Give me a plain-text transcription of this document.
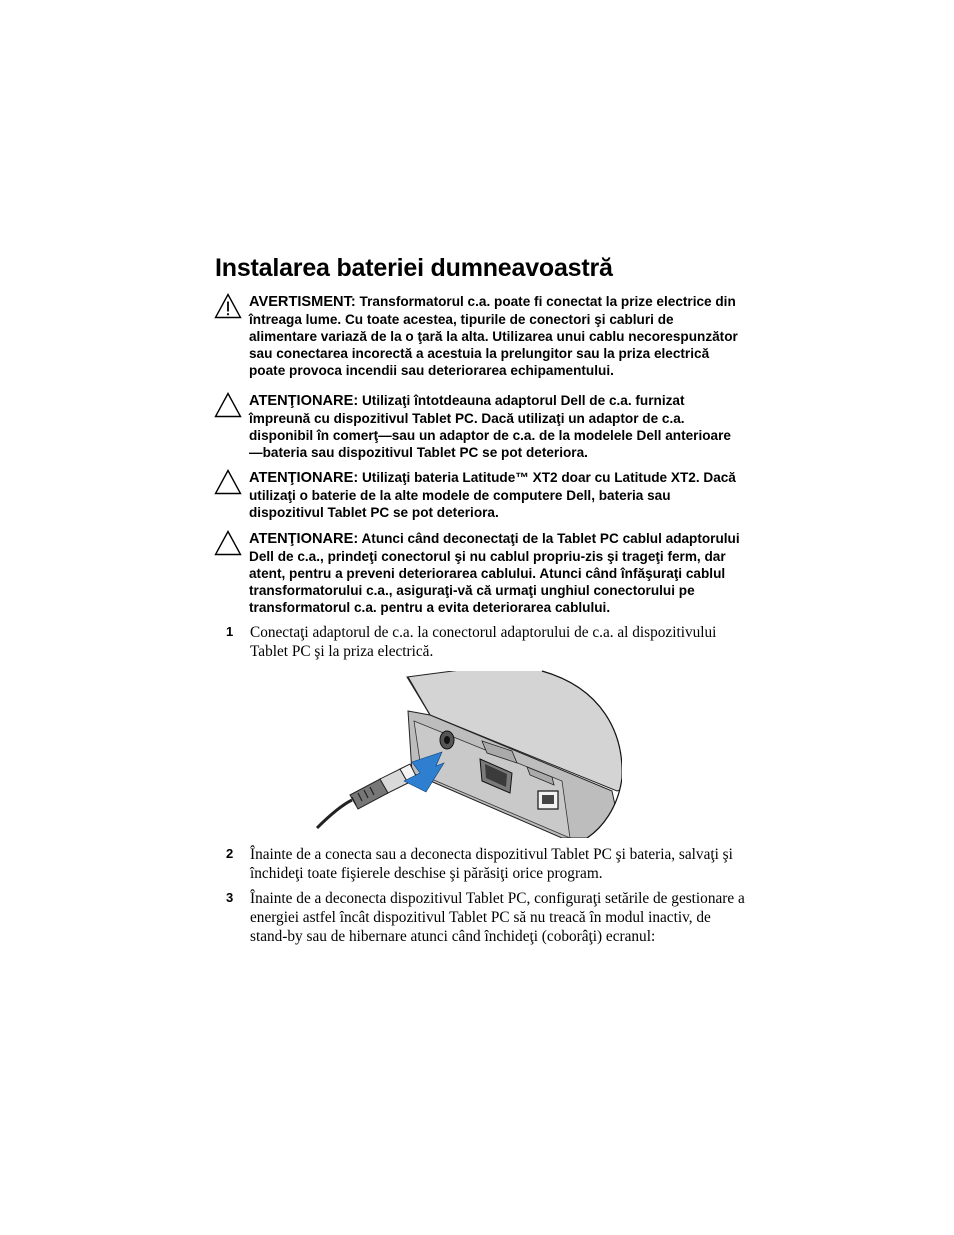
Instalarea bateriei dumneavoastră

AVERTISMENT: Transformatorul c.a. poate fi conectat la prize electrice din întreaga lume. Cu toate acestea, tipurile de conectori şi cabluri de alimentare variază de la o ţară la alta. Utilizarea unui cablu necorespunzător sau conectarea incorectă a acestuia la prelungitor sau la priza electrică poate provoca incendii sau deteriorarea echipamentului.

ATENŢIONARE: Utilizaţi întotdeauna adaptorul Dell de c.a. furnizat împreună cu dispozitivul Tablet PC. Dacă utilizaţi un adaptor de c.a. disponibil în comerţ—sau un adaptor de c.a. de la modelele Dell anterioare—bateria sau dispozitivul Tablet PC se pot deteriora.

ATENŢIONARE: Utilizaţi bateria Latitude™ XT2 doar cu Latitude XT2. Dacă utilizaţi o baterie de la alte modele de computere Dell, bateria sau dispozitivul Tablet PC se pot deteriora.

ATENŢIONARE: Atunci când deconectaţi de la Tablet PC cablul adaptorului Dell de c.a., prindeţi conectorul şi nu cablul propriu-zis şi trageţi ferm, dar atent, pentru a preveni deteriorarea cablului. Atunci când înfăşuraţi cablul transformatorului c.a., asiguraţi-vă că urmaţi unghiul conectorului pe transformatorul c.a. pentru a evita deteriorarea cablului.

1 Conectaţi adaptorul de c.a. la conectorul adaptorului de c.a. al dispozitivului Tablet PC şi la priza electrică.

2 Înainte de a conecta sau a deconecta dispozitivul Tablet PC şi bateria, salvaţi şi închideţi toate fişierele deschise şi părăsiţi orice program.

3 Înainte de a deconecta dispozitivul Tablet PC, configuraţi setările de gestionare a energiei astfel încât dispozitivul Tablet PC să nu treacă în modul inactiv, de stand-by sau de hibernare atunci când închideţi (coborâţi) ecranul:
